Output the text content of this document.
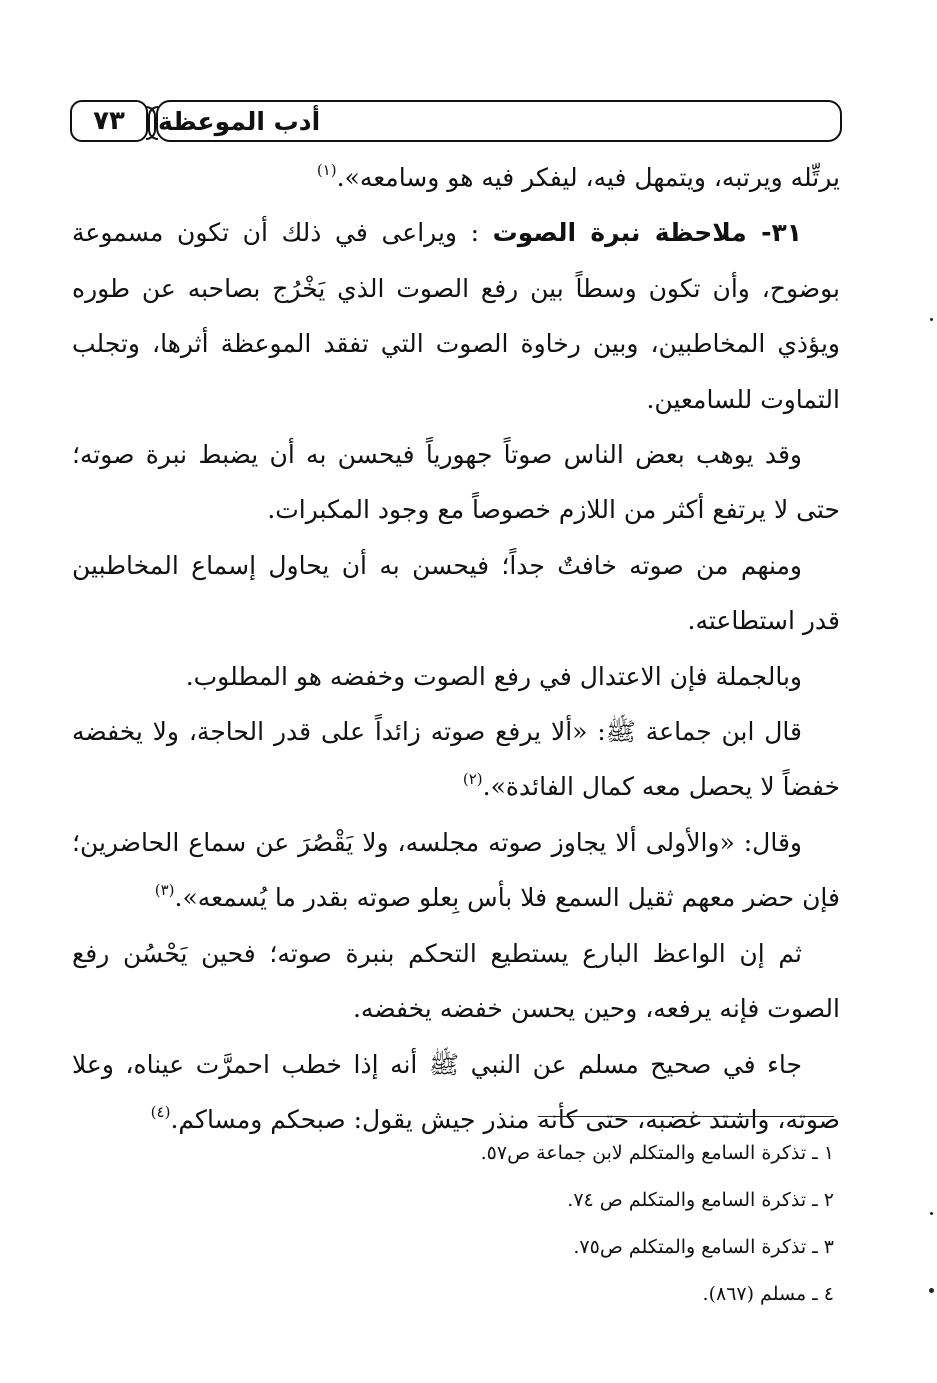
٧٣	أدب الموعظة

يرتِّله ويرتبه، ويتمهل فيه، ليفكر فيه هو وسامعه».$^{(١)}$

٣١- ملاحظة نبرة الصوت : ويراعى في ذلك أن تكون مسموعة بوضوح، وأن تكون وسطاً بين رفع الصوت الذي يَخْرُج بصاحبه عن طوره ويؤذي المخاطبين، وبين رخاوة الصوت التي تفقد الموعظة أثرها، وتجلب التماوت للسامعين.

وقد يوهب بعض الناس صوتاً جهورياً فيحسن به أن يضبط نبرة صوته؛ حتى لا يرتفع أكثر من اللازم خصوصاً مع وجود المكبرات.

ومنهم من صوته خافتٌ جداً؛ فيحسن به أن يحاول إسماع المخاطبين قدر استطاعته.

وبالجملة فإن الاعتدال في رفع الصوت وخفضه هو المطلوب.

قال ابن جماعة ﷺ: «ألا يرفع صوته زائداً على قدر الحاجة، ولا يخفضه خفضاً لا يحصل معه كمال الفائدة».$^{(٢)}$

وقال: «والأولى ألا يجاوز صوته مجلسه، ولا يَقْصُرَ عن سماع الحاضرين؛ فإن حضر معهم ثقيل السمع فلا بأس بِعلو صوته بقدر ما يُسمعه».$^{(٣)}$

ثم إن الواعظ البارع يستطيع التحكم بنبرة صوته؛ فحين يَحْسُن رفع الصوت فإنه يرفعه، وحين يحسن خفضه يخفضه.

جاء في صحيح مسلم عن النبي ﷺ أنه إذا خطب احمرَّت عيناه، وعلا صوته، واشتد غضبه، حتى كأنه منذر جيش يقول: صبحكم ومساكم.$^{(٤)}$

١ ـ تذكرة السامع والمتكلم لابن جماعة ص٥٧.

٢ ـ تذكرة السامع والمتكلم ص ٧٤.

٣ ـ تذكرة السامع والمتكلم ص٧٥.

٤ ـ مسلم (٨٦٧).
